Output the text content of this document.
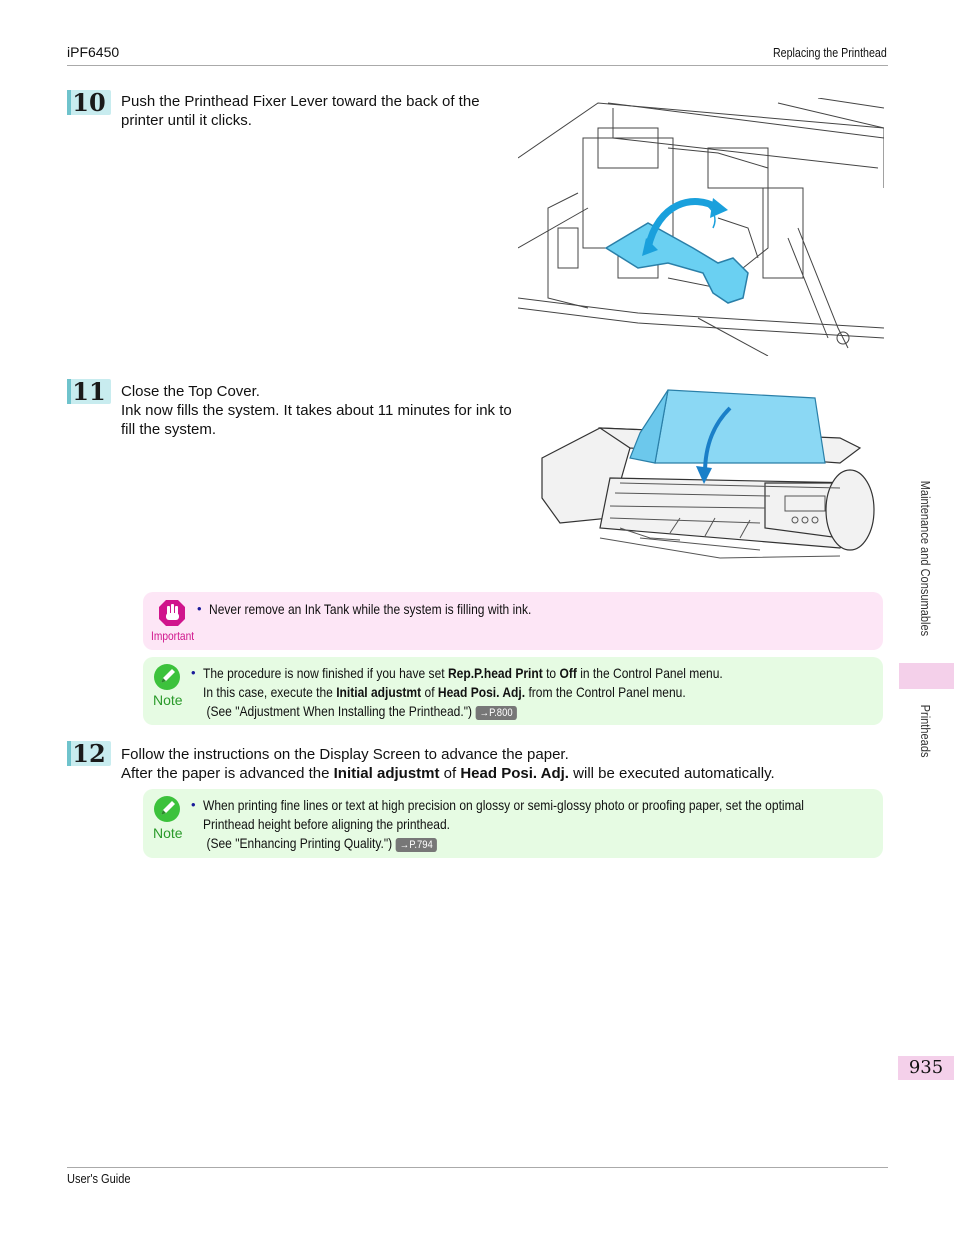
iPF6450	Replacing the Printhead
10	Push the Printhead Fixer Lever toward the back of the
printer until it clicks.
11	Close the Top Cover.
Ink now fills the system. It takes about 11 minutes for ink to
fill the system.
Important
• Never remove an Ink Tank while the system is filling with ink.
Note
• The procedure is now finished if you have set Rep.P.head Print to Off in the Control Panel menu.
In this case, execute the Initial adjustmt of Head Posi. Adj. from the Control Panel menu.
(See "Adjustment When Installing the Printhead.") →P.800
12	Follow the instructions on the Display Screen to advance the paper.
After the paper is advanced the Initial adjustmt of Head Posi. Adj. will be executed automatically.
Note
• When printing fine lines or text at high precision on glossy or semi-glossy photo or proofing paper, set the optimal
Printhead height before aligning the printhead.
(See "Enhancing Printing Quality.") →P.794
Maintenance and Consumables
Printheads
935
User's Guide
